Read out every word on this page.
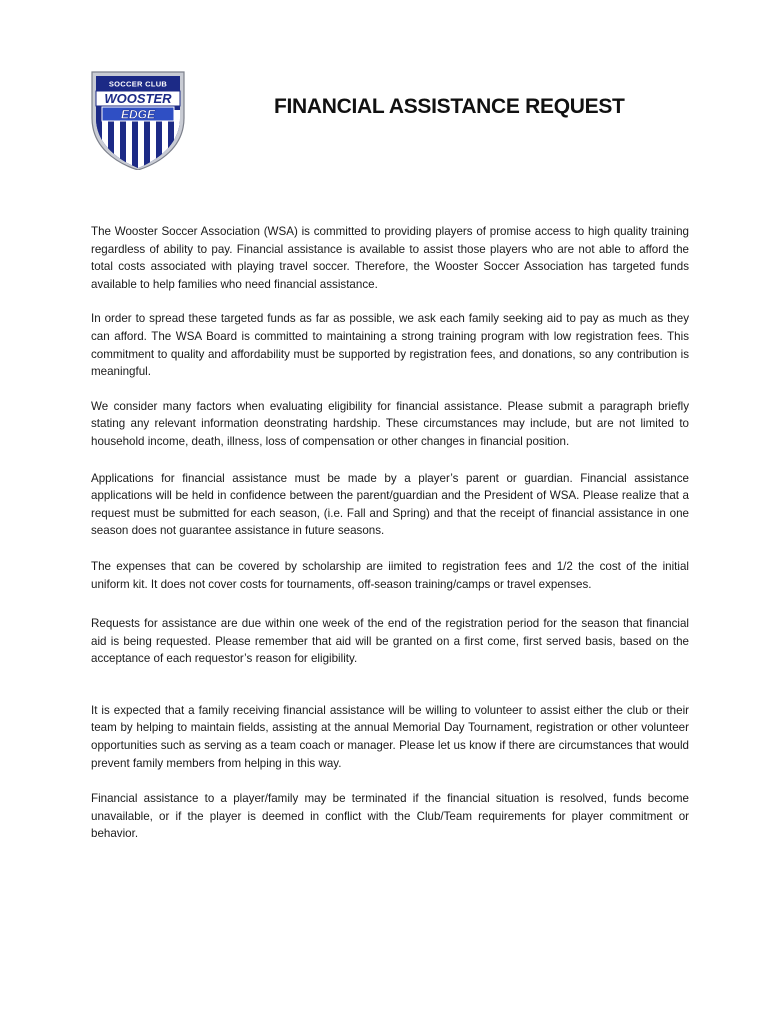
SOCCER CLUB
WOOSTER
EDGE	FINANCIAL ASSISTANCE REQUEST

The Wooster Soccer Association (WSA) is committed to providing players of promise access to high quality training regardless of ability to pay. Financial assistance is available to assist those players who are not able to afford the total costs associated with playing travel soccer. Therefore, the Wooster Soccer Association has targeted funds available to help families who need financial assistance.

In order to spread these targeted funds as far as possible, we ask each family seeking aid to pay as much as they can afford. The WSA Board is committed to maintaining a strong training program with low registration fees. This commitment to quality and affordability must be supported by registration fees, and donations, so any contribution is meaningful.

We consider many factors when evaluating eligibility for financial assistance. Please submit a paragraph briefly stating any relevant information deonstrating hardship. These circumstances may include, but are not limited to household income, death, illness, loss of compensation or other changes in financial position.

Applications for financial assistance must be made by a player’s parent or guardian. Financial assistance applications will be held in confidence between the parent/guardian and the President of WSA. Please realize that a request must be submitted for each season, (i.e. Fall and Spring) and that the receipt of financial assistance in one season does not guarantee assistance in future seasons.

The expenses that can be covered by scholarship are iimited to registration fees and 1/2 the cost of the initial uniform kit. It does not cover costs for tournaments, off-season training/camps or travel expenses.

Requests for assistance are due within one week of the end of the registration period for the season that financial aid is being requested. Please remember that aid will be granted on a first come, first served basis, based on the acceptance of each requestor’s reason for eligibility.

It is expected that a family receiving financial assistance will be willing to volunteer to assist either the club or their team by helping to maintain fields, assisting at the annual Memorial Day Tournament, registration or other volunteer opportunities such as serving as a team coach or manager. Please let us know if there are circumstances that would prevent family members from helping in this way.

Financial assistance to a player/family may be terminated if the financial situation is resolved, funds become unavailable, or if the player is deemed in conflict with the Club/Team requirements for player commitment or behavior.
